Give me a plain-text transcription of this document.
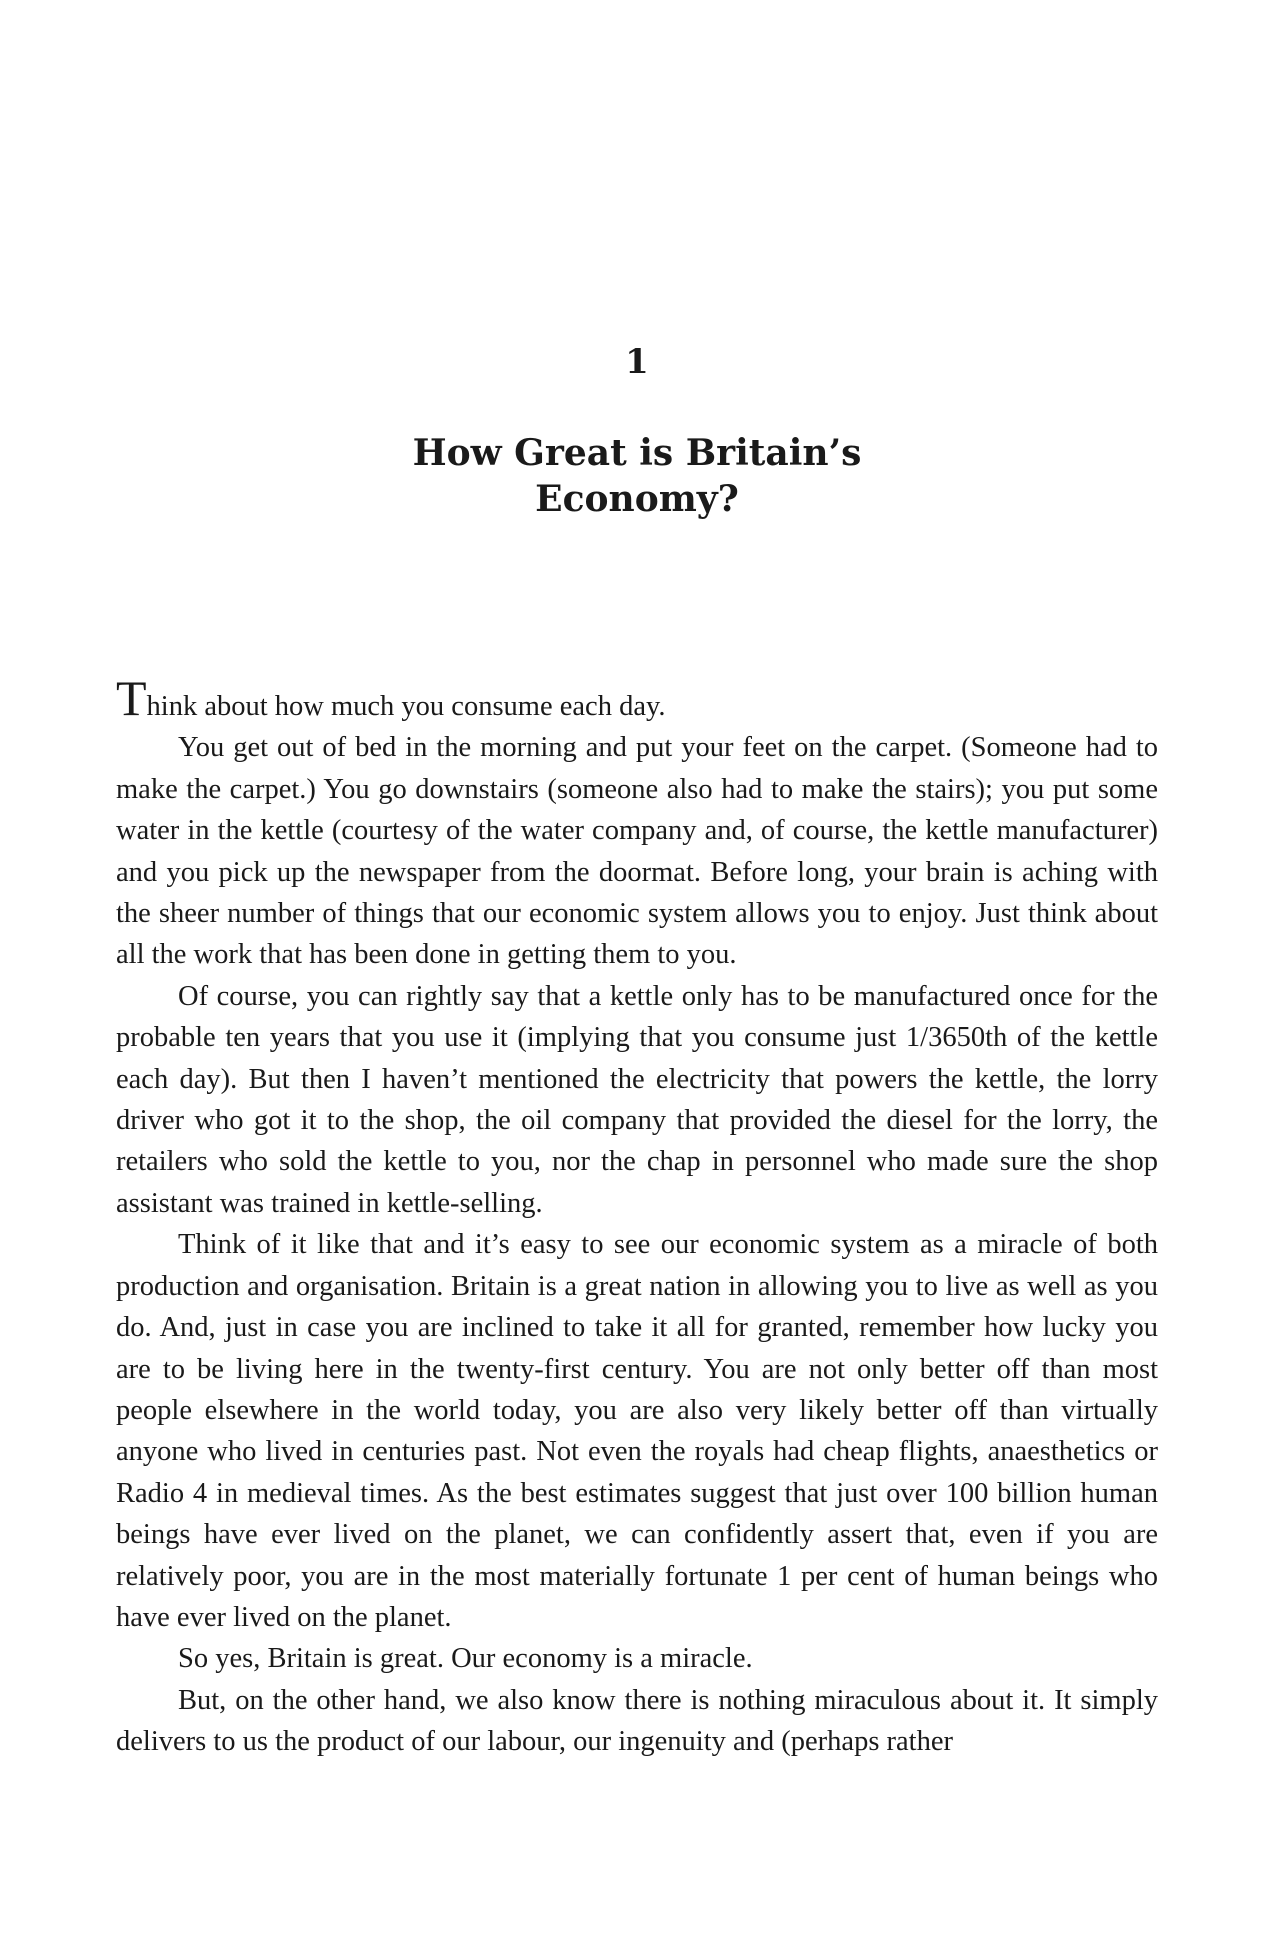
1
How Great is Britain’s
Economy?

Think about how much you consume each day.

You get out of bed in the morning and put your feet on the carpet. (Someone had to make the carpet.) You go downstairs (someone also had to make the stairs); you put some water in the kettle (courtesy of the water company and, of course, the kettle manufacturer) and you pick up the newspaper from the doormat. Before long, your brain is aching with the sheer number of things that our economic system allows you to enjoy. Just think about all the work that has been done in getting them to you.

Of course, you can rightly say that a kettle only has to be manufactured once for the probable ten years that you use it (implying that you consume just 1/3650th of the kettle each day). But then I haven’t mentioned the electricity that powers the kettle, the lorry driver who got it to the shop, the oil company that provided the diesel for the lorry, the retailers who sold the kettle to you, nor the chap in personnel who made sure the shop assistant was trained in kettle-selling.

Think of it like that and it’s easy to see our economic system as a miracle of both production and organisation. Britain is a great nation in allowing you to live as well as you do. And, just in case you are inclined to take it all for granted, remember how lucky you are to be living here in the twenty-first century. You are not only better off than most people elsewhere in the world today, you are also very likely better off than virtually anyone who lived in centuries past. Not even the royals had cheap flights, anaesthetics or Radio 4 in medieval times. As the best estimates suggest that just over 100 billion human beings have ever lived on the planet, we can confidently assert that, even if you are relatively poor, you are in the most materially fortunate 1 per cent of human beings who have ever lived on the planet.

So yes, Britain is great. Our economy is a miracle.

But, on the other hand, we also know there is nothing miraculous about it. It simply delivers to us the product of our labour, our ingenuity and (perhaps rather
